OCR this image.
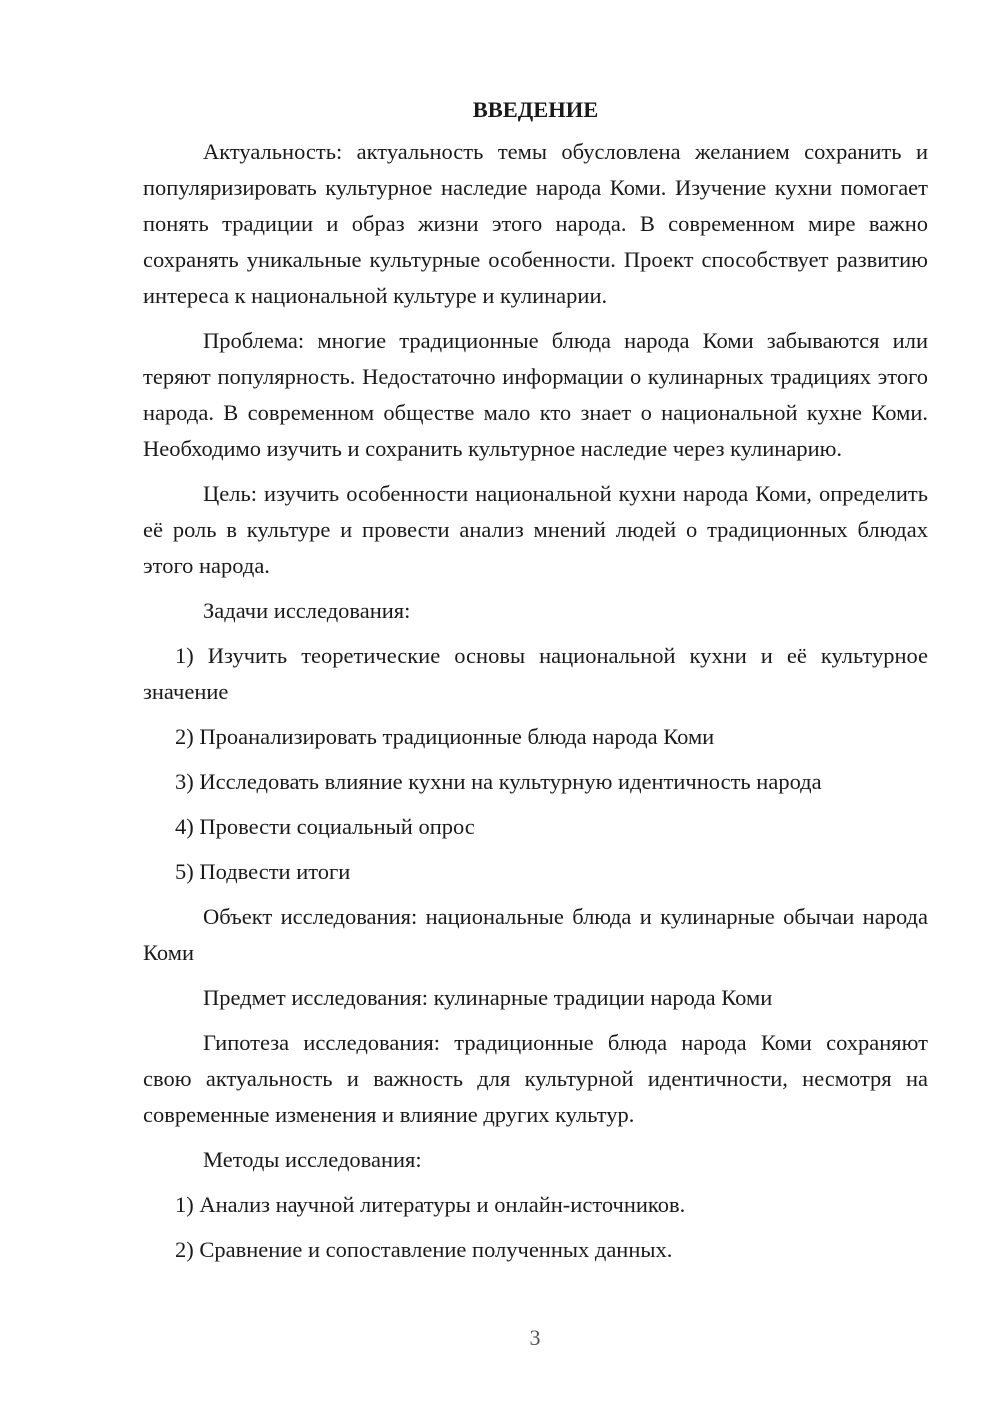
ВВЕДЕНИЕ

Актуальность: актуальность темы обусловлена желанием сохранить и популяризировать культурное наследие народа Коми. Изучение кухни помогает понять традиции и образ жизни этого народа. В современном мире важно сохранять уникальные культурные особенности. Проект способствует развитию интереса к национальной культуре и кулинарии.

Проблема: многие традиционные блюда народа Коми забываются или теряют популярность. Недостаточно информации о кулинарных традициях этого народа. В современном обществе мало кто знает о национальной кухне Коми. Необходимо изучить и сохранить культурное наследие через кулинарию.

Цель: изучить особенности национальной кухни народа Коми, определить её роль в культуре и провести анализ мнений людей о традиционных блюдах этого народа.

Задачи исследования:

1) Изучить теоретические основы национальной кухни и её культурное значение

2) Проанализировать традиционные блюда народа Коми

3) Исследовать влияние кухни на культурную идентичность народа

4) Провести социальный опрос

5) Подвести итоги

Объект исследования: национальные блюда и кулинарные обычаи народа Коми

Предмет исследования: кулинарные традиции народа Коми

Гипотеза исследования: традиционные блюда народа Коми сохраняют свою актуальность и важность для культурной идентичности, несмотря на современные изменения и влияние других культур.

Методы исследования:

1) Анализ научной литературы и онлайн-источников.

2) Сравнение и сопоставление полученных данных.

3
